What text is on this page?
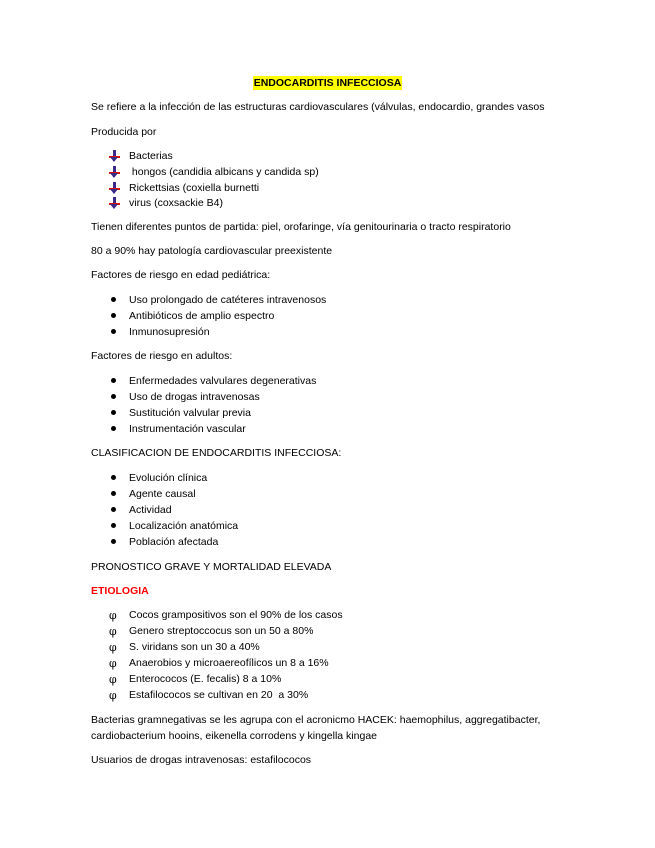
ENDOCARDITIS INFECCIOSA
Se refiere a la infección de las estructuras cardiovasculares (válvulas, endocardio, grandes vasos
Producida por
Bacterias
hongos (candidia albicans y candida sp)
Rickettsias (coxiella burnetti
virus (coxsackie B4)
Tienen diferentes puntos de partida: piel, orofaringe, vía genitourinaria o tracto respiratorio
80 a 90% hay patología cardiovascular preexistente
Factores de riesgo en edad pediátrica:
Uso prolongado de catéteres intravenosos
Antibióticos de amplio espectro
Inmunosupresión
Factores de riesgo en adultos:
Enfermedades valvulares degenerativas
Uso de drogas intravenosas
Sustitución valvular previa
Instrumentación vascular
CLASIFICACION DE ENDOCARDITIS INFECCIOSA:
Evolución clínica
Agente causal
Actividad
Localización anatómica
Población afectada
PRONOSTICO GRAVE Y MORTALIDAD ELEVADA
ETIOLOGIA
φ Cocos grampositivos son el 90% de los casos
φ Genero streptoccocus son un 50 a 80%
φ S. viridans son un 30 a 40%
φ Anaerobios y microaereofílicos un 8 a 16%
φ Enterococos (E. fecalis) 8 a 10%
φ Estafilococos se cultivan en 20  a 30%
Bacterias gramnegativas se les agrupa con el acronicmo HACEK: haemophilus, aggregatibacter,
cardiobacterium hooins, eikenella corrodens y kingella kingae
Usuarios de drogas intravenosas: estafilococos
